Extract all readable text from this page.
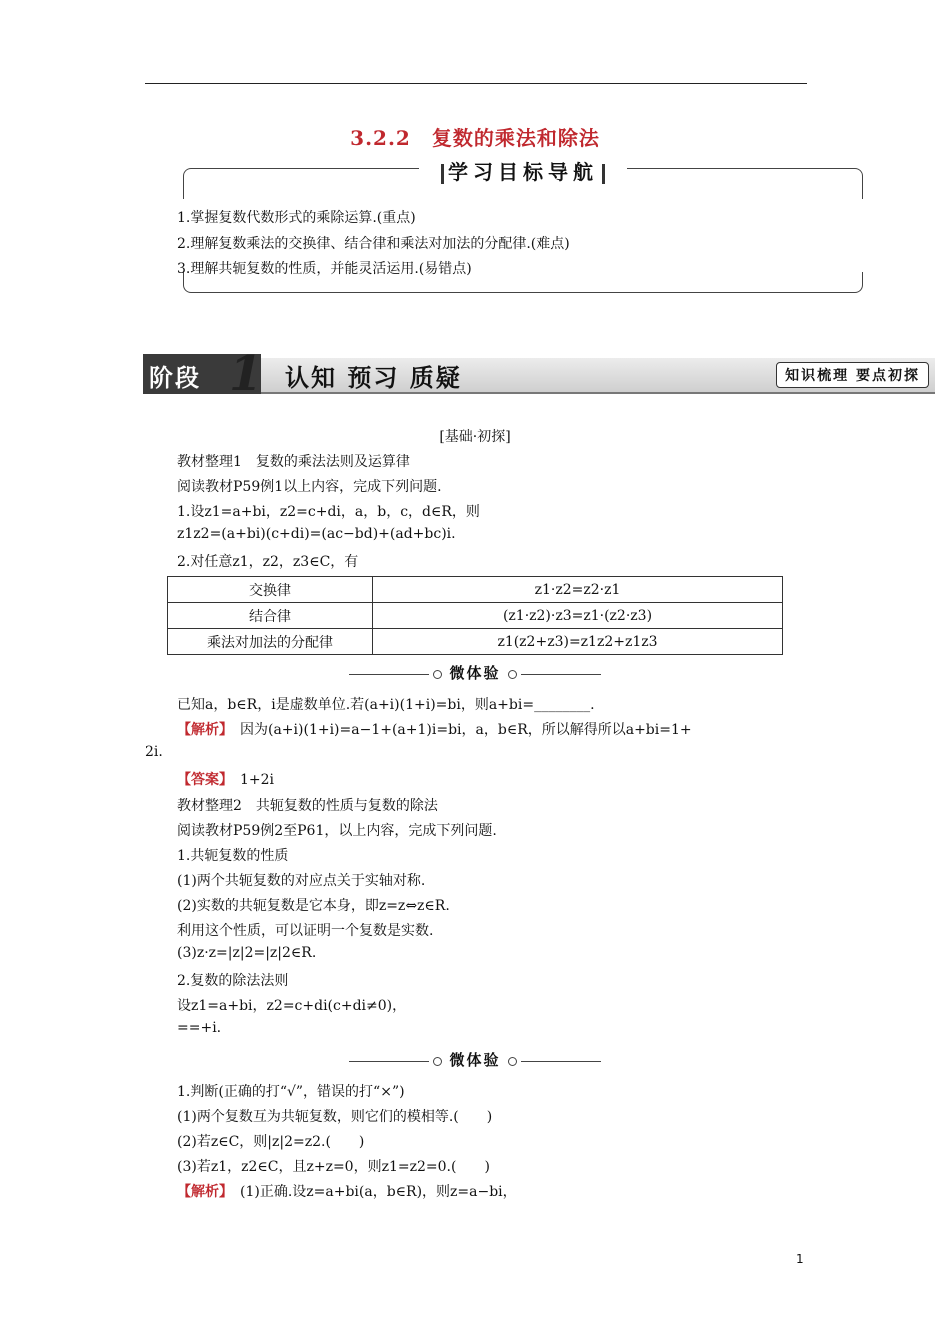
3.2.2　复数的乘法和除法
学习目标导航
1.掌握复数代数形式的乘除运算.(重点)
2.理解复数乘法的交换律、结合律和乘法对加法的分配律.(难点)
3.理解共轭复数的性质，并能灵活运用.(易错点)
阶段 1 认知 预习 质疑	知识梳理 要点初探
[基础·初探]
教材整理1　复数的乘法法则及运算律
阅读教材P59例1以上内容，完成下列问题.
1.设z1=a+bi，z2=c+di，a，b，c，d∈R，则
z1z2=(a+bi)(c+di)=(ac−bd)+(ad+bc)i.
2.对任意z1，z2，z3∈C，有
交换律	z1·z2=z2·z1
结合律	(z1·z2)·z3=z1·(z2·z3)
乘法对加法的分配律	z1(z2+z3)=z1z2+z1z3
微体验
已知a，b∈R，i是虚数单位.若(a+i)(1+i)=bi，则a+bi=________.
【解析】　 因为(a+i)(1+i)=a−1+(a+1)i=bi，a，b∈R，所以解得所以a+bi=1+
2i.
【答案】　 1+2i
教材整理2　共轭复数的性质与复数的除法
阅读教材P59例2至P61，以上内容，完成下列问题.
1.共轭复数的性质
(1)两个共轭复数的对应点关于实轴对称.
(2)实数的共轭复数是它本身，即z=z⇔z∈R.
利用这个性质，可以证明一个复数是实数.
(3)z·z=|z|2=|z|2∈R.
2.复数的除法法则
设z1=a+bi，z2=c+di(c+di≠0)，
==+i.
微体验
1.判断(正确的打“√”，错误的打“×”)
(1)两个复数互为共轭复数，则它们的模相等.(　　)
(2)若z∈C，则|z|2=z2.(　　)
(3)若z1，z2∈C，且z+z=0，则z1=z2=0.(　　)
【解析】　 (1)正确.设z=a+bi(a，b∈R)，则z=a−bi，
1
